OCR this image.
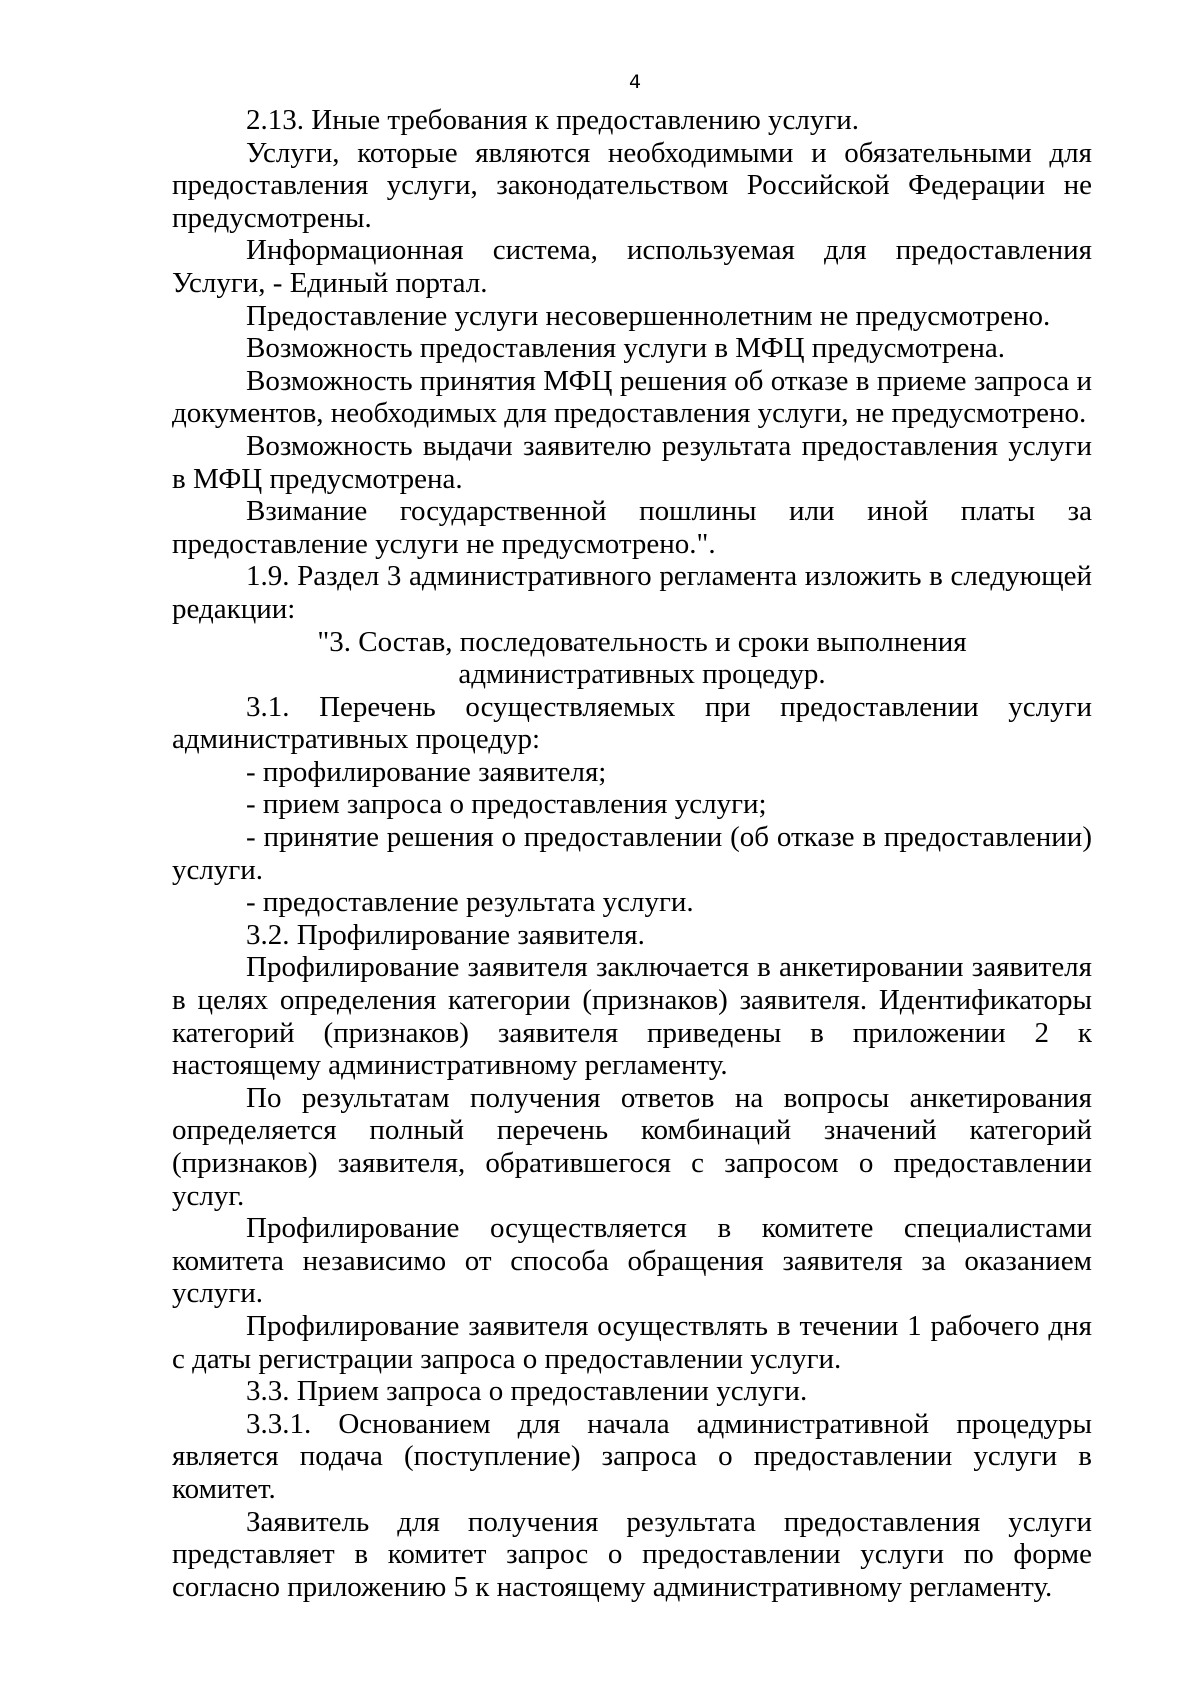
4

2.13. Иные требования к предоставлению услуги.

Услуги, которые являются необходимыми и обязательными для предоставления услуги, законодательством Российской Федерации не предусмотрены.

Информационная система, используемая для предоставления Услуги, - Единый портал.

Предоставление услуги несовершеннолетним не предусмотрено.

Возможность предоставления услуги в МФЦ предусмотрена.

Возможность принятия МФЦ решения об отказе в приеме запроса и документов, необходимых для предоставления услуги, не предусмотрено.

Возможность выдачи заявителю результата предоставления услуги в МФЦ предусмотрена.

Взимание государственной пошлины или иной платы за предоставление услуги не предусмотрено.".

1.9. Раздел 3 административного регламента изложить в следующей редакции:

"3. Состав, последовательность и сроки выполнения
административных процедур.

3.1. Перечень осуществляемых при предоставлении услуги административных процедур:

- профилирование заявителя;

- прием запроса о предоставления услуги;

- принятие решения о предоставлении (об отказе в предоставлении) услуги.

- предоставление результата услуги.

3.2. Профилирование заявителя.

Профилирование заявителя заключается в анкетировании заявителя в целях определения категории (признаков) заявителя. Идентификаторы категорий (признаков) заявителя приведены в приложении 2 к настоящему административному регламенту.

По результатам получения ответов на вопросы анкетирования определяется полный перечень комбинаций значений категорий (признаков) заявителя, обратившегося с запросом о предоставлении услуг.

Профилирование осуществляется в комитете специалистами комитета независимо от способа обращения заявителя за оказанием услуги.

Профилирование заявителя осуществлять в течении 1 рабочего дня с даты регистрации запроса о предоставлении услуги.

3.3. Прием запроса о предоставлении услуги.

3.3.1. Основанием для начала административной процедуры является подача (поступление) запроса о предоставлении услуги в комитет.

Заявитель для получения результата предоставления услуги представляет в комитет запрос о предоставлении услуги по форме согласно приложению 5 к настоящему административному регламенту.
